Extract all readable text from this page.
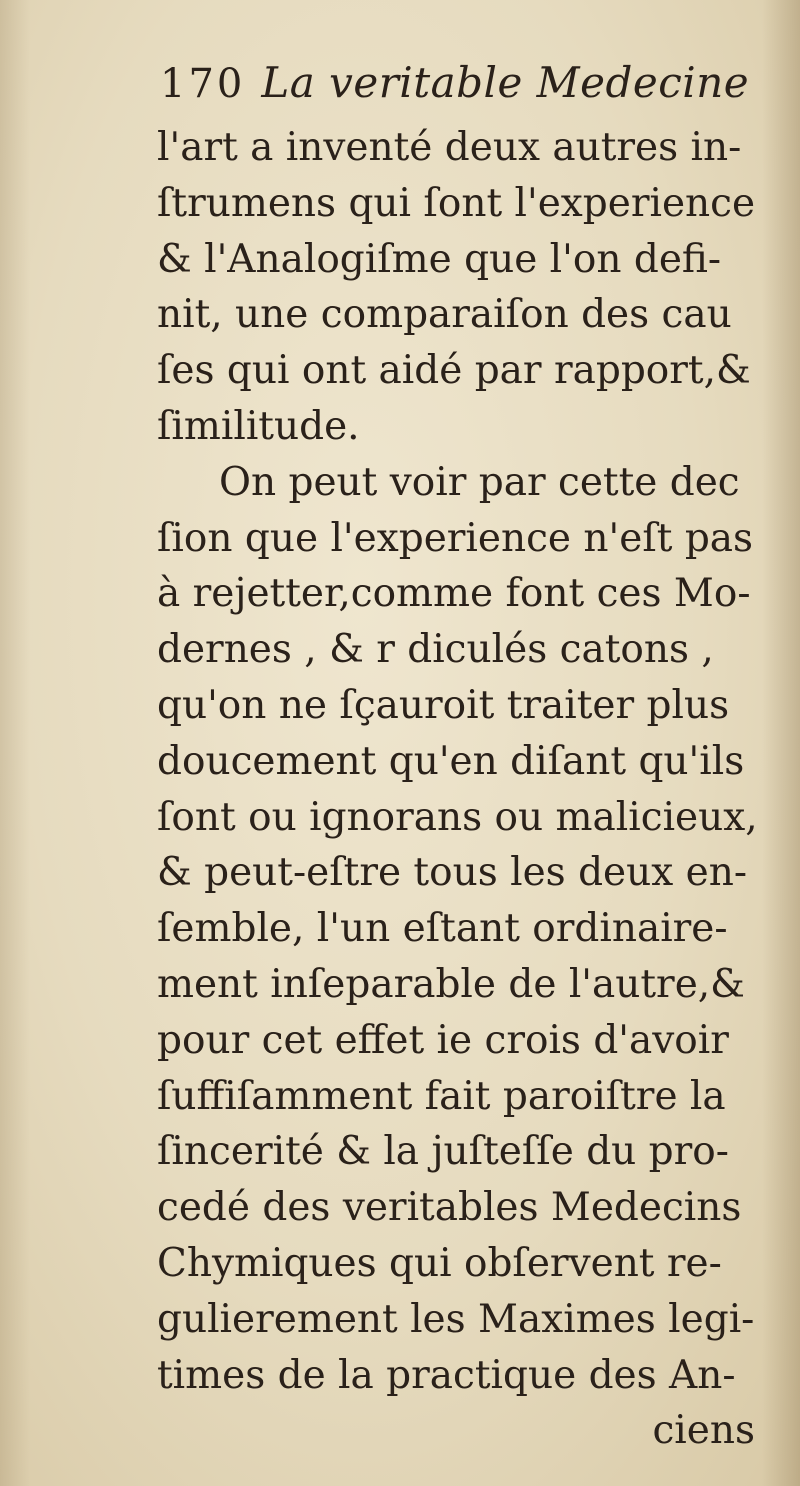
170 La veritable Medecine
l'art a inventé deux autres in-
ſtrumens qui ſont l'experience
& l'Analogiſme que l'on defi-
nit, une comparaiſon des cau
ſes qui ont aidé par rapport,&
ſimilitude.
On peut voir par cette dec
ſion que l'experience n'eſt pas
à rejetter,comme font ces Mo-
dernes , & r diculés catons ,
qu'on ne ſçauroit traiter plus
doucement qu'en diſant qu'ils
ſont ou ignorans ou malicieux,
& peut-eſtre tous les deux en-
ſemble, l'un eſtant ordinaire-
ment inſeparable de l'autre,&
pour cet effet ie crois d'avoir
ſuffiſamment fait paroiſtre la
ſincerité & la juſteſſe du pro-
cedé des veritables Medecins
Chymiques qui obſervent re-
gulierement les Maximes legi-
times de la practique des An-
ciens
